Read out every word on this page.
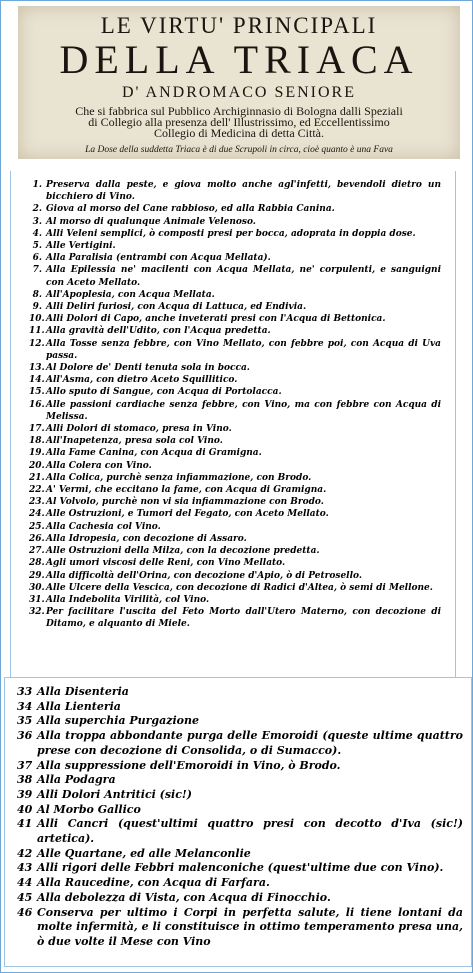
LE VIRTU' PRINCIPALI
DELLA TRIACA
D' ANDROMACO SENIORE
Che si fabbrica sul Pubblico Archiginnasio di Bologna dalli Speziali
di Collegio alla presenza dell' Illustrissimo, ed Eccellentissimo
Collegio di Medicina di detta Città.
La Dose della suddetta Triaca è di due Scrupoli in circa, cioè quanto è una Fava
1. Preserva dalla peste, e giova molto anche agl'infetti, bevendoli dietro un bicchiero di Vino.
2. Giova al morso del Cane rabbioso, ed alla Rabbia Canina.
3. Al morso di qualunque Animale Velenoso.
4. Alli Veleni semplici, ò composti presi per bocca, adoprata in doppia dose.
5. Alle Vertigini.
6. Alla Paralisia (entrambi con Acqua Mellata).
7. Alla Epilessia ne' macilenti con Acqua Mellata, ne' corpulenti, e sanguigni con Aceto Mellato.
8. All'Apoplesia, con Acqua Mellata.
9. Alli Deliri furiosi, con Acqua di Lattuca, ed Endivia.
10. Alli Dolori di Capo, anche inveterati presi con l'Acqua di Bettonica.
11. Alla gravità dell'Udito, con l'Acqua predetta.
12. Alla Tosse senza febbre, con Vino Mellato, con febbre poi, con Acqua di Uva passa.
13. Al Dolore de' Denti tenuta sola in bocca.
14. All'Asma, con dietro Aceto Squillitico.
15. Allo sputo di Sangue, con Acqua di Portolacca.
16. Alle passioni cardiache senza febbre, con Vino, ma con febbre con Acqua di Melissa.
17. Alli Dolori di stomaco, presa in Vino.
18. All'Inapetenza, presa sola col Vino.
19. Alla Fame Canina, con Acqua di Gramigna.
20. Alla Colera con Vino.
21. Alla Colica, purchè senza infiammazione, con Brodo.
22. A' Vermi, che eccitano la fame, con Acqua di Gramigna.
23. Al Volvolo, purchè non vi sia infiammazione con Brodo.
24. Alle Ostruzioni, e Tumori del Fegato, con Aceto Mellato.
25. Alla Cachesia col Vino.
26. Alla Idropesia, con decozione di Assaro.
27. Alle Ostruzioni della Milza, con la decozione predetta.
28. Agli umori viscosi delle Reni, con Vino Mellato.
29. Alla difficoltà dell'Orina, con decozione d'Apio, ò di Petrosello.
30. Alle Ulcere della Vescica, con decozione di Radici d'Altea, ò semi di Mellone.
31. Alla Indebolita Virilità, col Vino.
32. Per facilitare l'uscita del Feto Morto dall'Utero Materno, con decozione di Ditamo, e alquanto di Miele.
33 Alla Disenteria
34 Alla Lienteria
35 Alla superchia Purgazione
36 Alla troppa abbondante purga delle Emoroidi (queste ultime quattro prese con decozione di Consolida, o di Sumacco).
37 Alla suppressione dell'Emoroidi in Vino, ò Brodo.
38 Alla Podagra
39 Alli Dolori Antritici (sic!)
40 Al Morbo Gallico
41 Alli Cancri (quest'ultimi quattro presi con decotto d'Iva (sic!) artetica).
42 Alle Quartane, ed alle Melanconlie
43 Alli rigori delle Febbri malenconiche (quest'ultime due con Vino).
44 Alla Raucedine, con Acqua di Farfara.
45 Alla debolezza di Vista, con Acqua di Finocchio.
46 Conserva per ultimo i Corpi in perfetta salute, li tiene lontani da molte infermità, e li constituisce in ottimo temperamento presa una, ò due volte il Mese con Vino
